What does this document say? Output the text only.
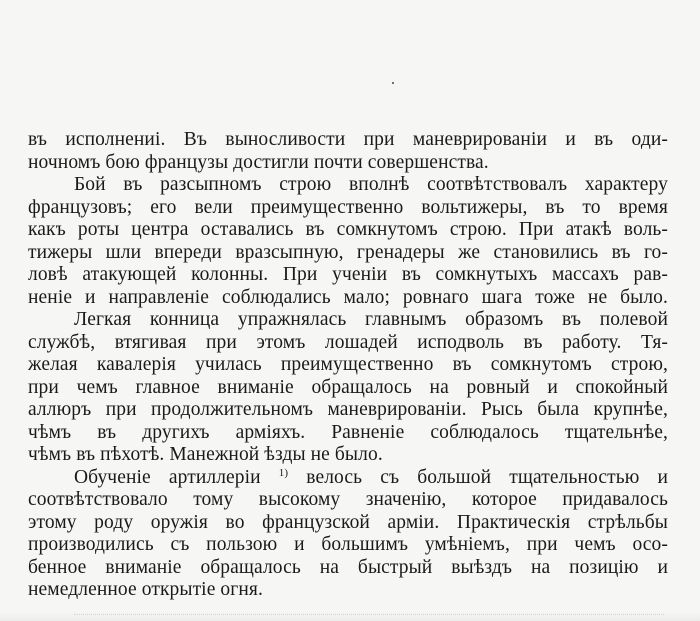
въ исполнениі. Въ выносливости при маневрированіи и въ оди-
ночномъ бою французы достигли почти совершенства.
Бой въ разсыпномъ строю вполнѣ соотвѣтствовалъ характеру
французовъ; его вели преимущественно вольтижеры, въ то время
какъ роты центра оставались въ сомкнутомъ строю. При атакѣ воль-
тижеры шли впереди вразсыпную, гренадеры же становились въ го-
ловѣ атакующей колонны. При ученіи въ сомкнутыхъ массахъ рав-
неніе и направленіе соблюдались мало; ровнаго шага тоже не было.
Легкая конница упражнялась главнымъ образомъ въ полевой
службѣ, втягивая при этомъ лошадей исподволь въ работу. Тя-
желая кавалерія училась преимущественно въ сомкнутомъ строю,
при чемъ главное вниманіе обращалось на ровный и спокойный
аллюръ при продолжительномъ маневрированіи. Рысь была крупнѣе,
чѣмъ въ другихъ арміяхъ. Равненіе соблюдалось тщательнѣе,
чѣмъ въ пѣхотѣ. Манежной ѣзды не было.
Обученіе артиллеріи $^{1)}$ велось съ большой тщательностью и
соотвѣтствовало тому высокому значенію, которое придавалось
этому роду оружія во французской арміи. Практическія стрѣльбы
производились съ пользою и большимъ умѣніемъ, при чемъ осо-
бенное вниманіе обращалось на быстрый выѣздъ на позицію и
немедленное открытіе огня.
